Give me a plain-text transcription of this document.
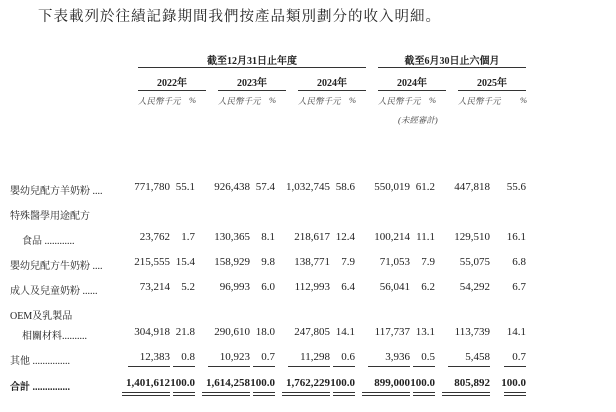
下表載列於往績記錄期間我們按產品類別劃分的收入明細。
截至12月31日止年度	截至6月30日止六個月
2022年
人民幣千元 %
2023年
人民幣千元 %
2024年
人民幣千元 %
2024年
人民幣千元 %
2025年
人民幣千元 %
(未經審計)
嬰幼兒配方羊奶粉 ....	771,780 55.1 926,438 57.4 1,032,745 58.6 550,019 61.2 447,818 55.6
特殊醫學用途配方
食品 ............	23,762 1.7 130,365 8.1 218,617 12.4 100,214 11.1 129,510 16.1
嬰幼兒配方牛奶粉 ....	215,555 15.4 158,929 9.8 138,771 7.9 71,053 7.9 55,075 6.8
成人及兒童奶粉 ......	73,214 5.2 96,993 6.0 112,993 6.4 56,041 6.2 54,292 6.7
OEM及乳製品
相關材料..........	304,918 21.8 290,610 18.0 247,805 14.1 117,737 13.1 113,739 14.1
其他 ...............	12,383 0.8 10,923 0.7 11,298 0.6	3,936 0.5	5,458 0.7
合計 ...............	1,401,612 100.0 1,614,258 100.0 1,762,229 100.0 899,000 100.0 805,892 100.0
